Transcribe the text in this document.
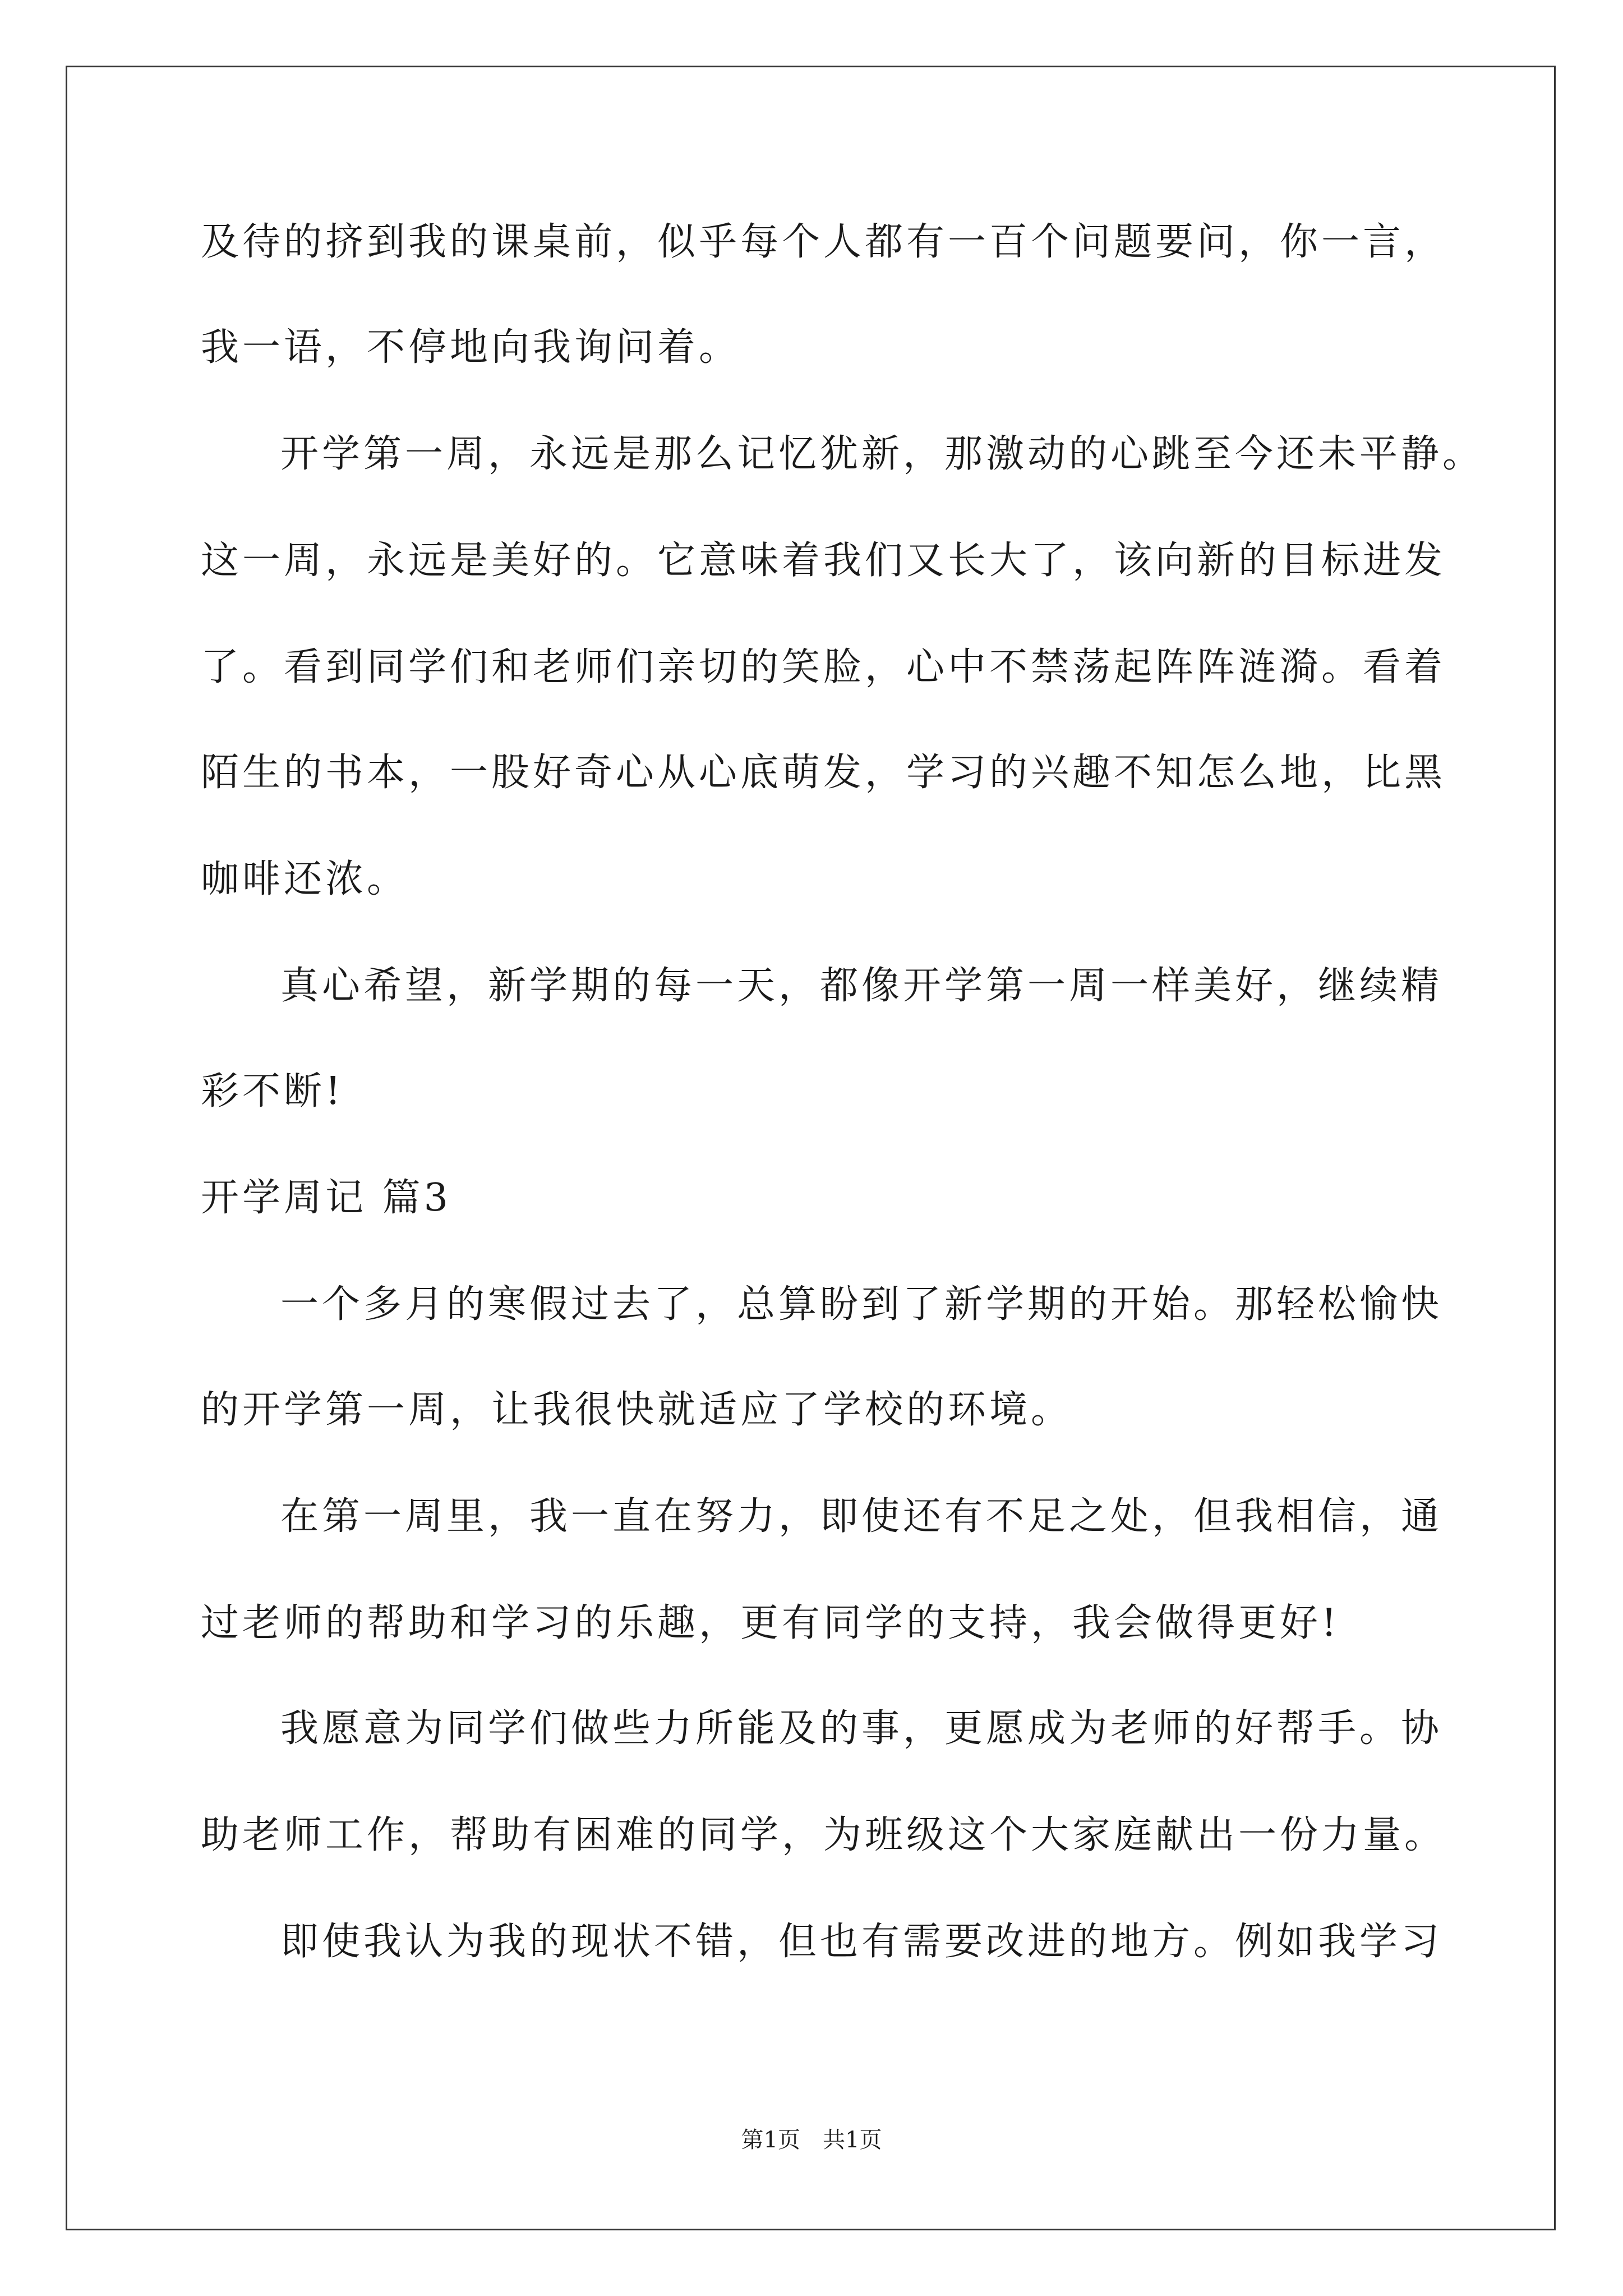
及待的挤到我的课桌前，似乎每个人都有一百个问题要问，你一言，
我一语，不停地向我询问着。
开学第一周，永远是那么记忆犹新，那激动的心跳至今还未平静。
这一周，永远是美好的。它意味着我们又长大了，该向新的目标进发
了。看到同学们和老师们亲切的笑脸，心中不禁荡起阵阵涟漪。看着
陌生的书本，一股好奇心从心底萌发，学习的兴趣不知怎么地，比黑
咖啡还浓。
真心希望，新学期的每一天，都像开学第一周一样美好，继续精
彩不断!
开学周记 篇3
一个多月的寒假过去了，总算盼到了新学期的开始。那轻松愉快
的开学第一周，让我很快就适应了学校的环境。
在第一周里，我一直在努力，即使还有不足之处，但我相信，通
过老师的帮助和学习的乐趣，更有同学的支持，我会做得更好!
我愿意为同学们做些力所能及的事，更愿成为老师的好帮手。协
助老师工作，帮助有困难的同学，为班级这个大家庭献出一份力量。
即使我认为我的现状不错，但也有需要改进的地方。例如我学习
第1页　共1页
